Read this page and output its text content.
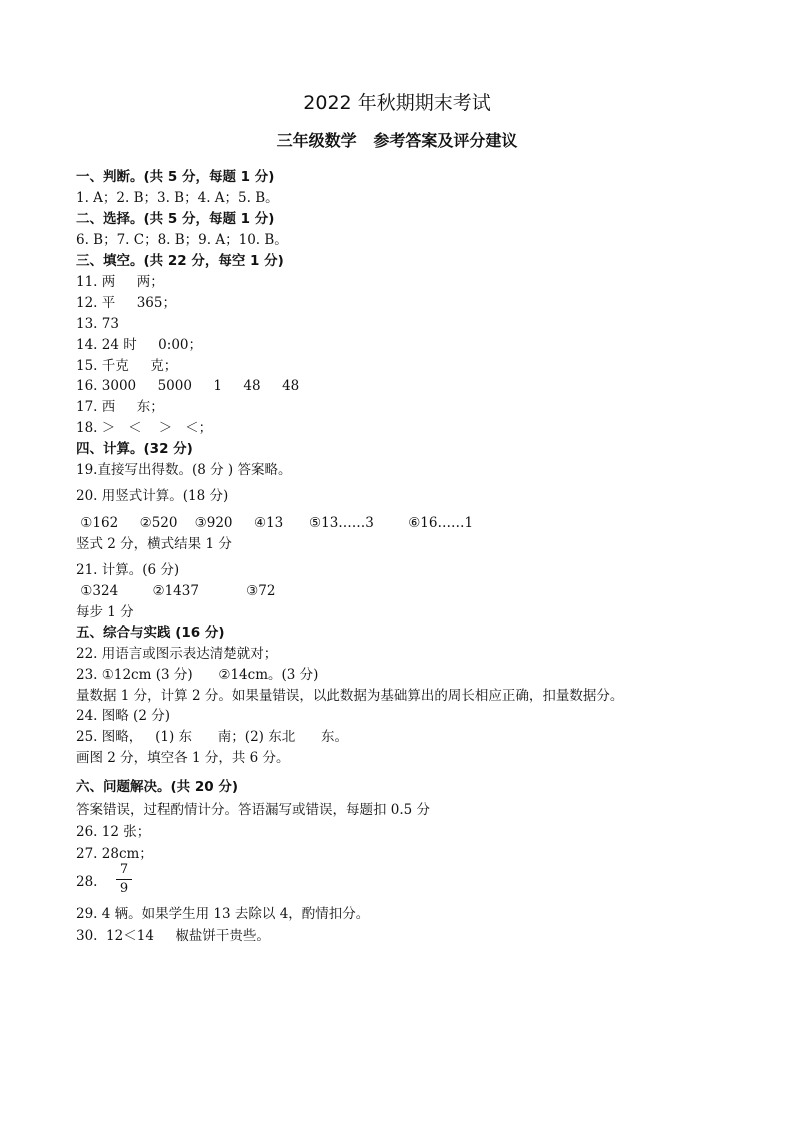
2022 年秋期期末考试
三年级数学   参考答案及评分建议
一、判断。(共 5 分，每题 1 分)
1. A；2. B；3. B；4. A；5. B。
二、选择。(共 5 分，每题 1 分)
6. B；7. C；8. B；9. A；10. B。
三、填空。(共 22 分，每空 1 分)
11. 两     两；
12. 平     365；
13. 73
14. 24 时     0:00；
15. 千克     克；
16. 3000     5000     1     48     48
17. 西     东；
18. ＞   ＜    ＞   ＜；
四、计算。(32 分)
19.直接写出得数。(8 分 ) 答案略。
20. 用竖式计算。(18 分)
①162     ②520    ③920     ④13      ⑤13……3        ⑥16……1
竖式 2 分，横式结果 1 分
21. 计算。(6 分)
①324        ②1437           ③72
每步 1 分
五、综合与实践 (16 分)
22. 用语言或图示表达清楚就对；
23. ①12cm (3 分)      ②14cm。(3 分)
量数据 1 分，计算 2 分。如果量错误，以此数据为基础算出的周长相应正确，扣量数据分。
24. 图略 (2 分)
25. 图略，   (1) 东      南；(2) 东北      东。
画图 2 分，填空各 1 分，共 6 分。
六、问题解决。(共 20 分)
答案错误，过程酌情计分。答语漏写或错误，每题扣 0.5 分
26. 12 张；
27. 28cm；
28.
7
9
29. 4 辆。如果学生用 13 去除以 4，酌情扣分。
30.  12＜14     椒盐饼干贵些。
